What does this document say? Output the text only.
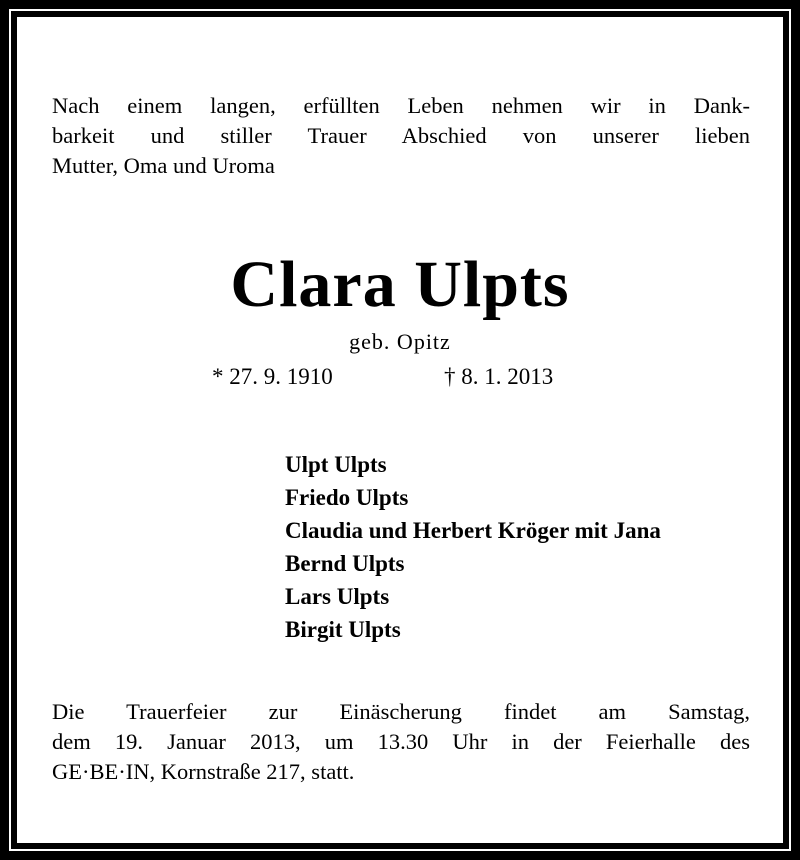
Nach einem langen, erfüllten Leben nehmen wir in Dank-
barkeit und stiller Trauer Abschied von unserer lieben
Mutter, Oma und Uroma
Clara Ulpts
geb. Opitz
* 27. 9. 1910	† 8. 1. 2013
Ulpt Ulpts
Friedo Ulpts
Claudia und Herbert Kröger mit Jana
Bernd Ulpts
Lars Ulpts
Birgit Ulpts
Die Trauerfeier zur Einäscherung findet am Samstag,
dem 19. Januar 2013, um 13.30 Uhr in der Feierhalle des
GE·BE·IN, Kornstraße 217, statt.
